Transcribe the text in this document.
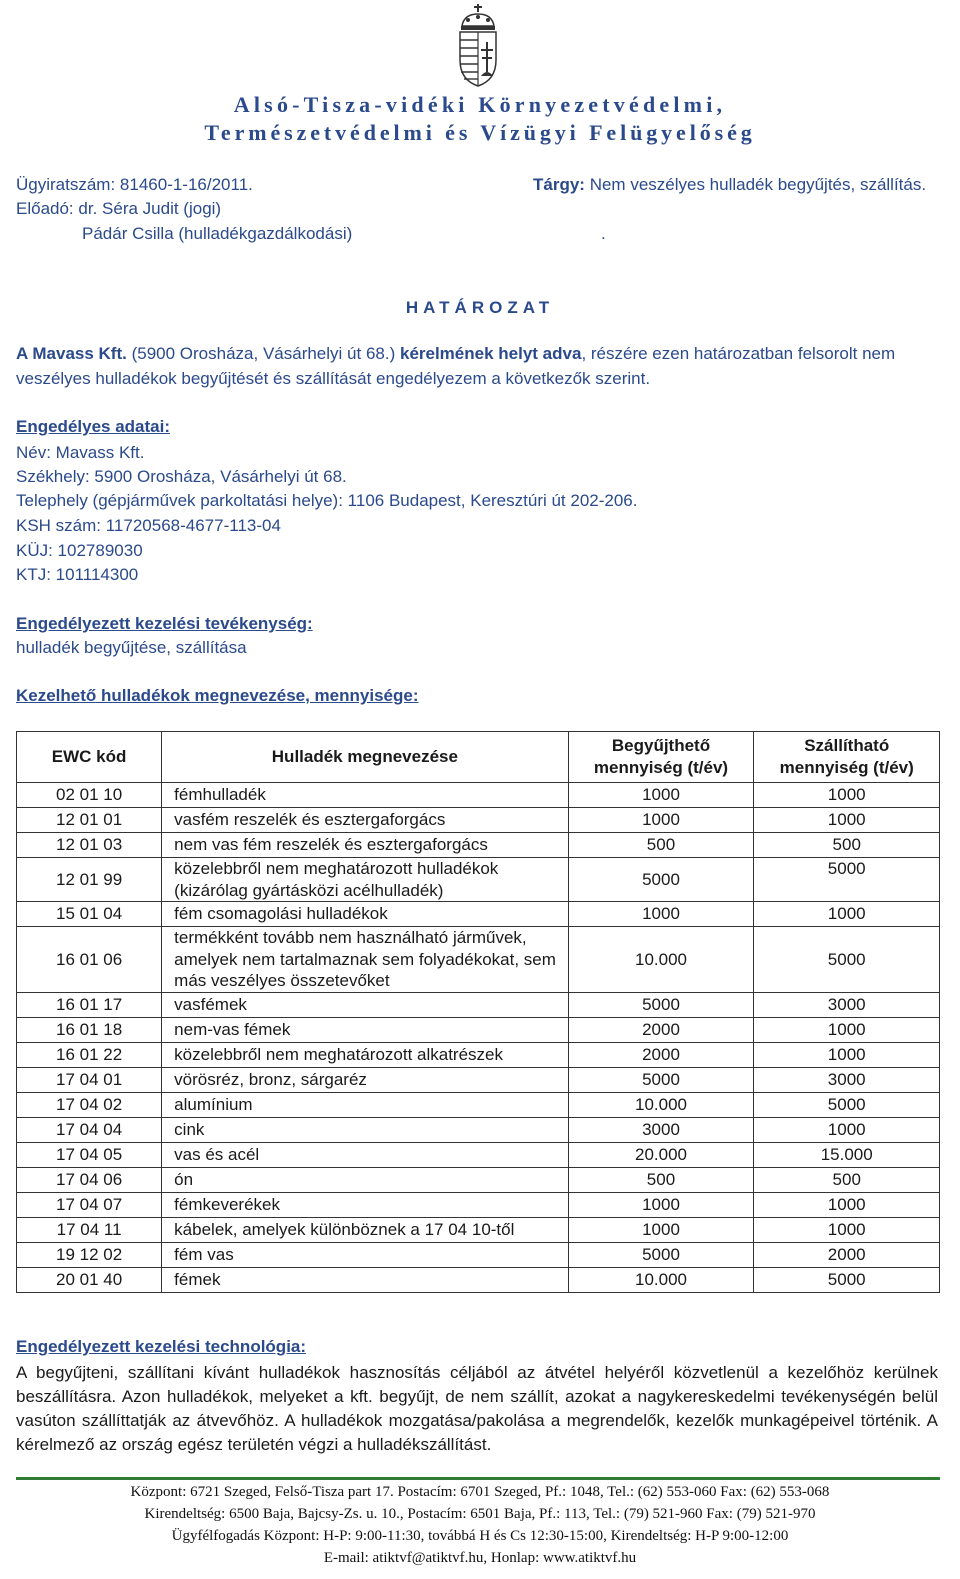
Alsó-Tisza-vidéki Környezetvédelmi,
Természetvédelmi és Vízügyi Felügyelőség
Ügyiratszám: 81460-1-16/2011.	Tárgy: Nem veszélyes hulladék begyűjtés, szállítás.
Előadó: dr. Séra Judit (jogi)
Pádár Csilla (hulladékgazdálkodási)	.
HATÁROZAT
A Mavass Kft. (5900 Orosháza, Vásárhelyi út 68.) kérelmének helyt adva, részére ezen határozatban felsorolt nem
veszélyes hulladékok begyűjtését és szállítását engedélyezem a következők szerint.
Engedélyes adatai:
Név: Mavass Kft.
Székhely: 5900 Orosháza, Vásárhelyi út 68.
Telephely (gépjárművek parkoltatási helye): 1106 Budapest, Keresztúri út 202-206.
KSH szám: 11720568-4677-113-04
KÜJ: 102789030
KTJ: 101114300
Engedélyezett kezelési tevékenység:
hulladék begyűjtése, szállítása
Kezelhető hulladékok megnevezése, mennyisége:
EWC kód	Hulladék megnevezése	Begyűjthető mennyiség (t/év)	Szállítható mennyiség (t/év)
02 01 10	fémhulladék	1000	1000
12 01 01	vasfém reszelék és esztergaforgács	1000	1000
12 01 03	nem vas fém reszelék és esztergaforgács	500	500
12 01 99	közelebbről nem meghatározott hulladékok (kizárólag gyártásközi acélhulladék)	5000	5000
15 01 04	fém csomagolási hulladékok	1000	1000
16 01 06	termékként tovább nem használható járművek, amelyek nem tartalmaznak sem folyadékokat, sem más veszélyes összetevőket	10.000	5000
16 01 17	vasfémek	5000	3000
16 01 18	nem-vas fémek	2000	1000
16 01 22	közelebbről nem meghatározott alkatrészek	2000	1000
17 04 01	vörösréz, bronz, sárgaréz	5000	3000
17 04 02	alumínium	10.000	5000
17 04 04	cink	3000	1000
17 04 05	vas és acél	20.000	15.000
17 04 06	ón	500	500
17 04 07	fémkeverékek	1000	1000
17 04 11	kábelek, amelyek különböznek a 17 04 10-től	1000	1000
19 12 02	fém vas	5000	2000
20 01 40	fémek	10.000	5000
Engedélyezett kezelési technológia:
A begyűjteni, szállítani kívánt hulladékok hasznosítás céljából az átvétel helyéről közvetlenül a kezelőhöz kerülnek beszállításra. Azon hulladékok, melyeket a kft. begyűjt, de nem szállít, azokat a nagykereskedelmi tevékenységén belül vasúton szállíttatják az átvevőhöz. A hulladékok mozgatása/pakolása a megrendelők, kezelők munkagépeivel történik. A kérelmező az ország egész területén végzi a hulladékszállítást.
Központ: 6721 Szeged, Felső-Tisza part 17. Postacím: 6701 Szeged, Pf.: 1048, Tel.: (62) 553-060 Fax: (62) 553-068
Kirendeltség: 6500 Baja, Bajcsy-Zs. u. 10., Postacím: 6501 Baja, Pf.: 113, Tel.: (79) 521-960 Fax: (79) 521-970
Ügyfélfogadás Központ: H-P: 9:00-11:30, továbbá H és Cs 12:30-15:00, Kirendeltség: H-P 9:00-12:00
E-mail: atiktvf@atiktvf.hu, Honlap: www.atiktvf.hu
